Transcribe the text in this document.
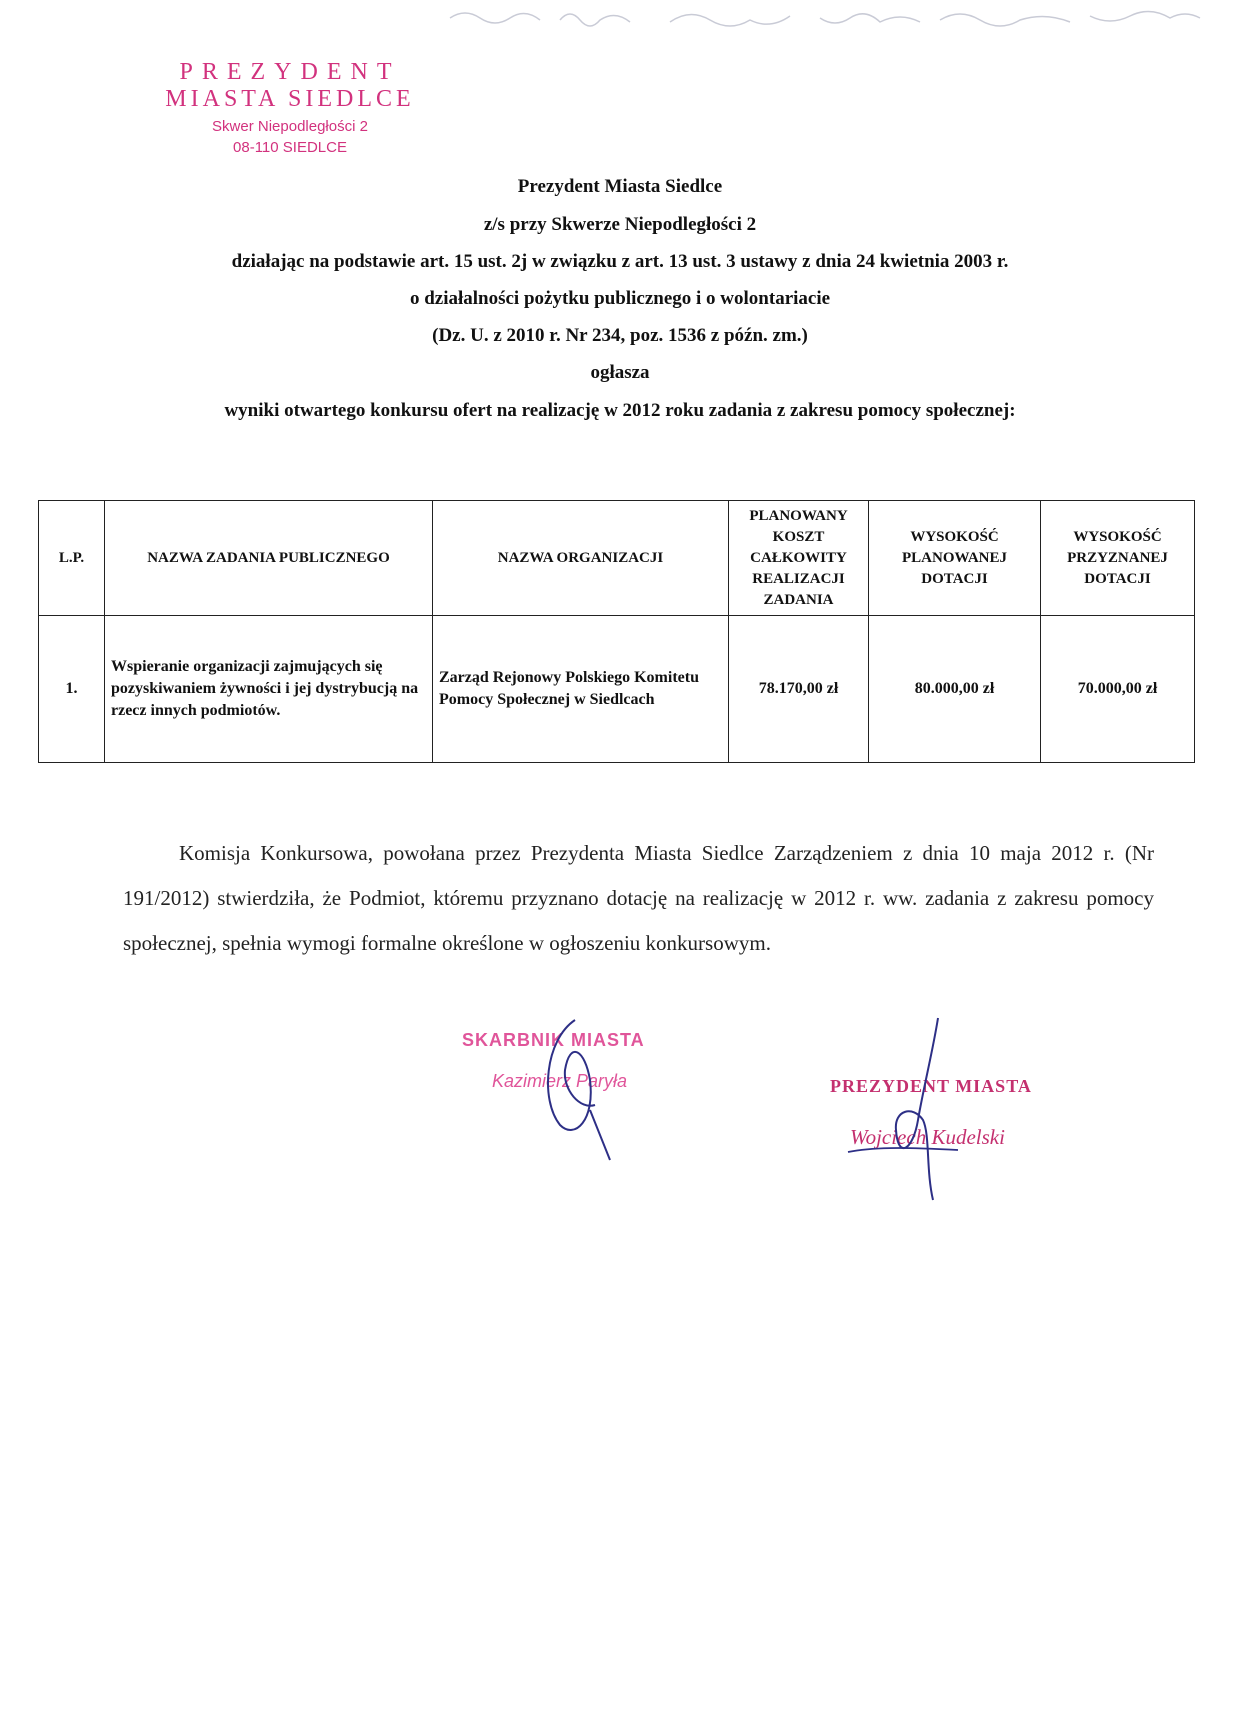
PREZYDENT
MIASTA SIEDLCE
Skwer Niepodległości 2
08-110 SIEDLCE
Prezydent Miasta Siedlce
z/s przy Skwerze Niepodległości 2
działając na podstawie art. 15 ust. 2j w związku z art. 13 ust. 3 ustawy z dnia 24 kwietnia 2003 r.
o działalności pożytku publicznego i o wolontariacie
(Dz. U. z 2010 r. Nr 234, poz. 1536 z późn. zm.)
ogłasza
wyniki otwartego konkursu ofert na realizację w 2012 roku zadania z zakresu pomocy społecznej:
L.P.	NAZWA ZADANIA PUBLICZNEGO	NAZWA ORGANIZACJI	PLANOWANY KOSZT CAŁKOWITY REALIZACJI ZADANIA	WYSOKOŚĆ PLANOWANEJ DOTACJI	WYSOKOŚĆ PRZYZNANEJ DOTACJI
1.	Wspieranie organizacji zajmujących się pozyskiwaniem żywności i jej dystrybucją na rzecz innych podmiotów.	Zarząd Rejonowy Polskiego Komitetu Pomocy Społecznej w Siedlcach	78.170,00 zł	80.000,00 zł	70.000,00 zł

Komisja Konkursowa, powołana przez Prezydenta Miasta Siedlce Zarządzeniem z dnia 10 maja 2012 r. (Nr 191/2012) stwierdziła, że Podmiot, któremu przyznano dotację na realizację w 2012 r. ww. zadania z zakresu pomocy społecznej, spełnia wymogi formalne określone w ogłoszeniu konkursowym.

SKARBNIK MIASTA
Kazimierz Paryła	PREZYDENT MIASTA
Wojciech Kudelski
